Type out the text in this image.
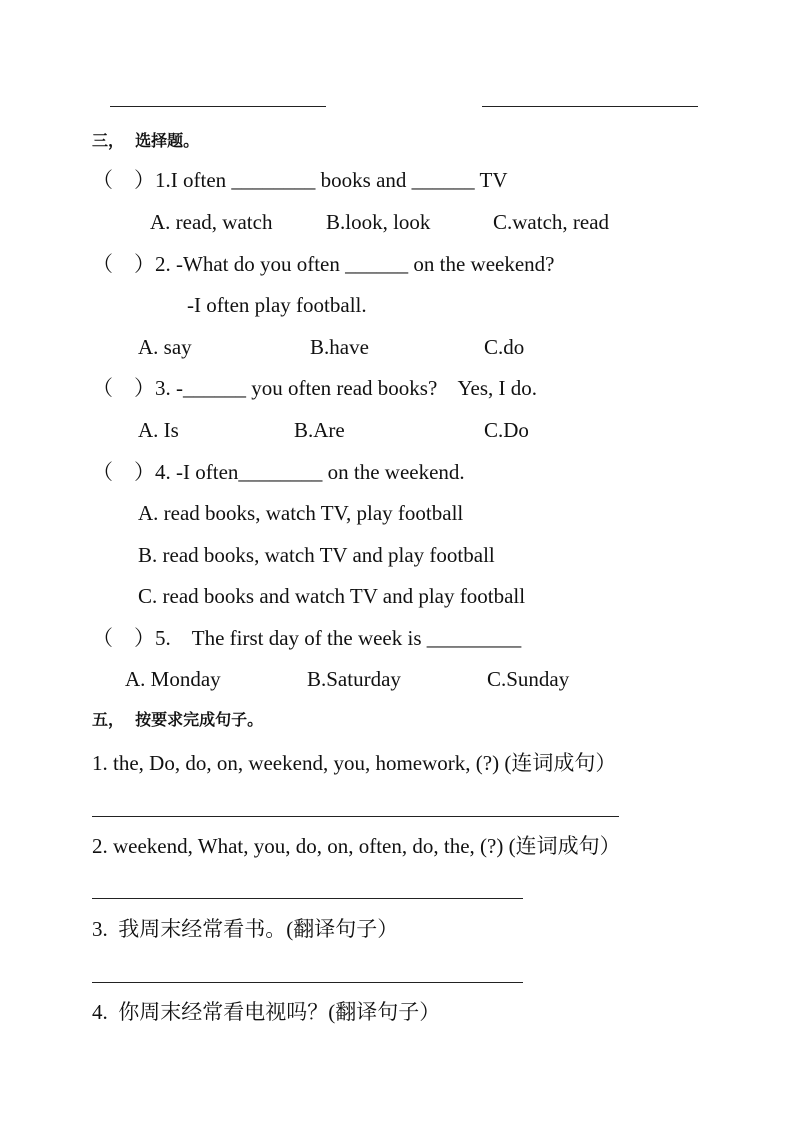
三，  选择题。
（    ）1.I often ________ books and ______ TV
A. read, watch	B.look, look	C.watch, read
（    ）2. -What do you often ______ on the weekend?
-I often play football.
A. say	B.have	C.do
（    ）3. -______ you often read books?    Yes, I do.
A. Is	B.Are	C.Do
（    ）4. -I often________ on the weekend.
A. read books, watch TV, play football
B. read books, watch TV and play football
C. read books and watch TV and play football
（    ）5.    The first day of the week is _________
A. Monday	B.Saturday	C.Sunday
五，  按要求完成句子。
1. the, Do, do, on, weekend, you, homework, (?) (连词成句）
2. weekend, What, you, do, on, often, do, the, (?) (连词成句）
3.  我周末经常看书。(翻译句子）
4.  你周末经常看电视吗？(翻译句子）
